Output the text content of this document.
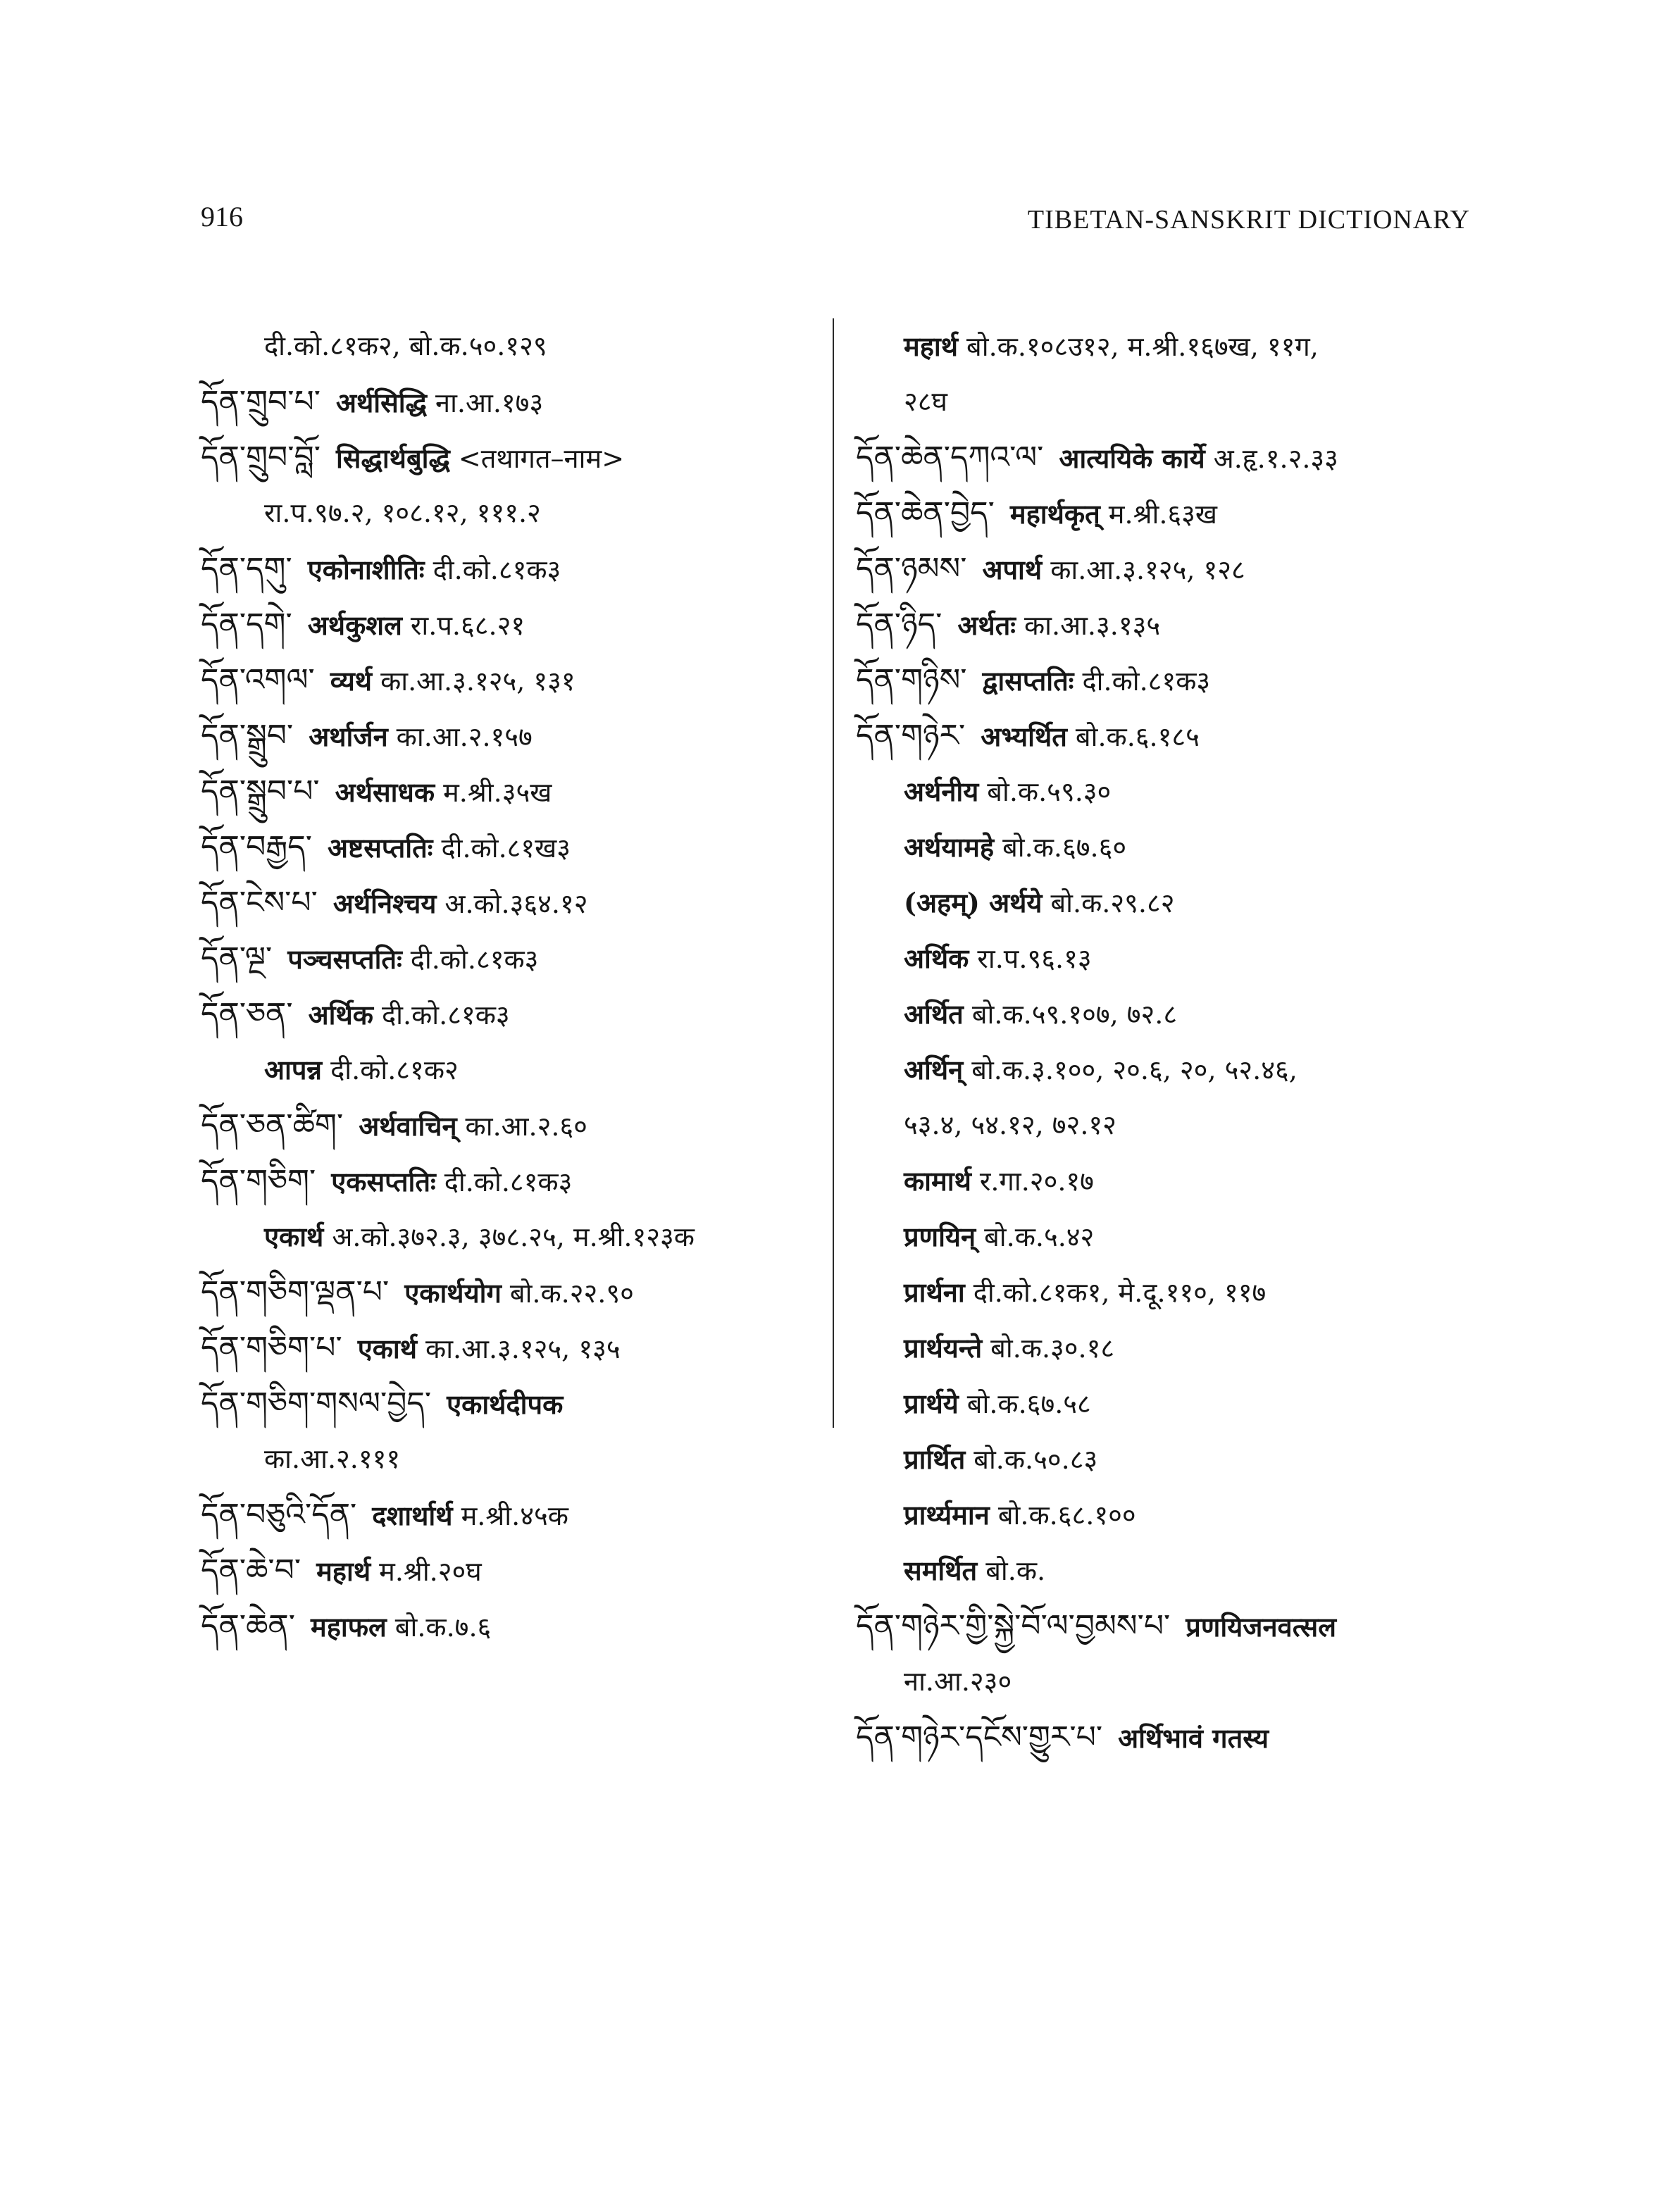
916	TIBETAN-SANSKRIT DICTIONARY
दी.को.८१क२, बो.क.५०.१२९
དོན་གྲུབ་པ་ अर्थसिद्धि ना.आ.१७३
དོན་གྲུབ་བློ་ सिद्धार्थबुद्धि <तथागत–नाम>
रा.प.९७.२, १०८.१२, १११.२
དོན་དགུ་ एकोनाशीतिः दी.को.८१क३
དོན་དགེ་ अर्थकुशल रा.प.६८.२१
དོན་འགལ་ व्यर्थ का.आ.३.१२५, १३१
དོན་སྒྲུབ་ अर्थार्जन का.आ.२.१५७
དོན་སྒྲུབ་པ་ अर्थसाधक म.श्री.३५ख
དོན་བརྒྱད་ अष्टसप्ततिः दी.को.८१ख३
དོན་ངེས་པ་ अर्थनिश्चय अ.को.३६४.१२
དོན་ལྔ་ पञ्चसप्ततिः दी.को.८१क३
དོན་ཅན་ अर्थिक दी.को.८१क३
आपन्न दी.को.८१क२
དོན་ཅན་ཚིག་ अर्थवाचिन् का.आ.२.६०
དོན་གཅིག་ एकसप्ततिः दी.को.८१क३
एकार्थ अ.को.३७२.३, ३७८.२५, म.श्री.१२३क
དོན་གཅིག་ལྡན་པ་ एकार्थयोग बो.क.२२.९०
དོན་གཅིག་པ་ एकार्थ का.आ.३.१२५, १३५
དོན་གཅིག་གསལ་བྱེད་ एकार्थदीपक
का.आ.२.१११
དོན་བཅུའི་དོན་ दशार्थार्थ म.श्री.४५क
དོན་ཆེ་བ་ महार्थ म.श्री.२०घ
དོན་ཆེན་ महाफल बो.क.७.६
महार्थ बो.क.१०८उ१२, म.श्री.१६७ख, ११ग,
२८घ
དོན་ཆེན་དཀའ་ལ་ आत्ययिके कार्ये अ.हृ.१.२.३३
དོན་ཆེན་བྱེད་ महार्थकृत् म.श्री.६३ख
དོན་ཉམས་ अपार्थ का.आ.३.१२५, १२८
དོན་ཉིད་ अर्थतः का.आ.३.१३५
དོན་གཉིས་ द्वासप्ततिः दी.को.८१क३
དོན་གཉེར་ अभ्यर्थित बो.क.६.१८५
अर्थनीय बो.क.५९.३०
अर्थयामहे बो.क.६७.६०
(अहम्) अर्थये बो.क.२९.८२
अर्थिक रा.प.९६.१३
अर्थित बो.क.५९.१०७, ७२.८
अर्थिन् बो.क.३.१००, २०.६, २०, ५२.४६,
५३.४, ५४.१२, ७२.१२
कामार्थ र.गा.२०.१७
प्रणयिन् बो.क.५.४२
प्रार्थना दी.को.८१क१, मे.दू.११०, ११७
प्रार्थयन्ते बो.क.३०.१८
प्रार्थये बो.क.६७.५८
प्रार्थित बो.क.५०.८३
प्रार्थ्यमान बो.क.६८.१००
समर्थित बो.क.
དོན་གཉེར་གྱི་སྐྱེ་བོ་ལ་བྱམས་པ་ प्रणयिजनवत्सल
ना.आ.२३०
དོན་གཉེར་དངོས་གྱུར་པ་ अर्थिभावं गतस्य
